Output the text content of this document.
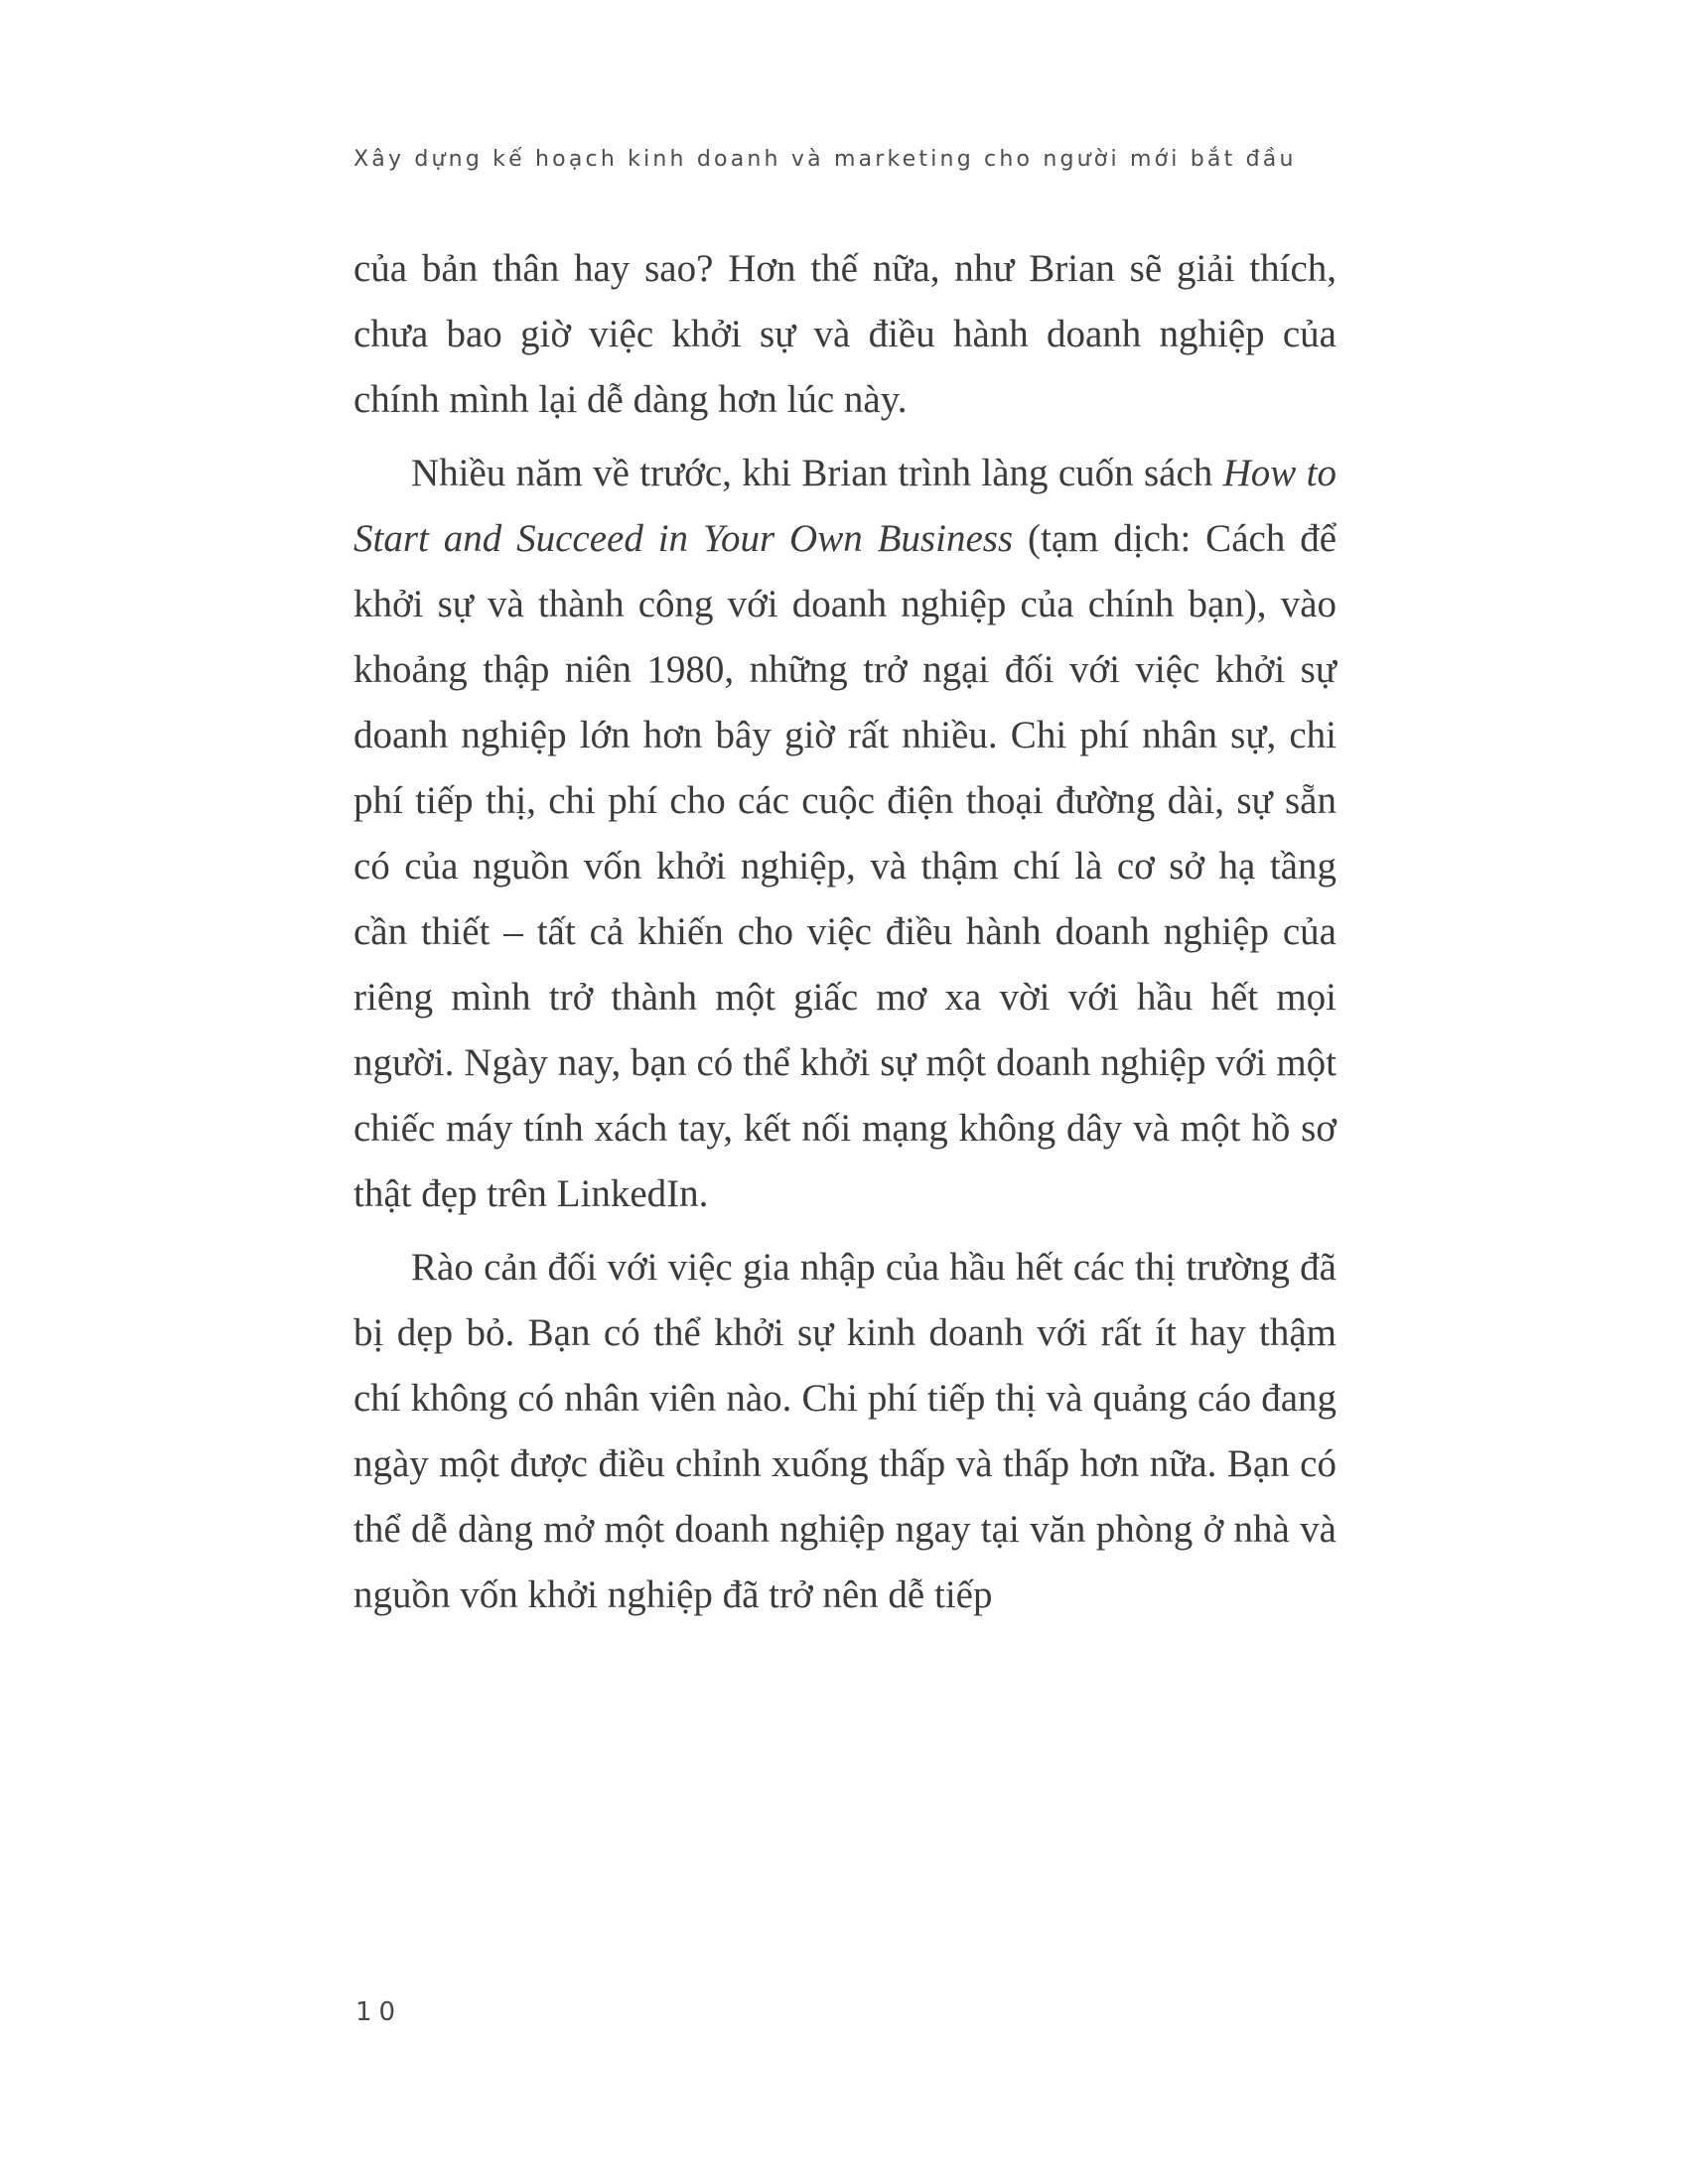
Xây dựng kế hoạch kinh doanh và marketing cho người mới bắt đầu

của bản thân hay sao? Hơn thế nữa, như Brian sẽ giải thích, chưa bao giờ việc khởi sự và điều hành doanh nghiệp của chính mình lại dễ dàng hơn lúc này.

Nhiều năm về trước, khi Brian trình làng cuốn sách How to Start and Succeed in Your Own Business (tạm dịch: Cách để khởi sự và thành công với doanh nghiệp của chính bạn), vào khoảng thập niên 1980, những trở ngại đối với việc khởi sự doanh nghiệp lớn hơn bây giờ rất nhiều. Chi phí nhân sự, chi phí tiếp thị, chi phí cho các cuộc điện thoại đường dài, sự sẵn có của nguồn vốn khởi nghiệp, và thậm chí là cơ sở hạ tầng cần thiết – tất cả khiến cho việc điều hành doanh nghiệp của riêng mình trở thành một giấc mơ xa vời với hầu hết mọi người. Ngày nay, bạn có thể khởi sự một doanh nghiệp với một chiếc máy tính xách tay, kết nối mạng không dây và một hồ sơ thật đẹp trên LinkedIn.

Rào cản đối với việc gia nhập của hầu hết các thị trường đã bị dẹp bỏ. Bạn có thể khởi sự kinh doanh với rất ít hay thậm chí không có nhân viên nào. Chi phí tiếp thị và quảng cáo đang ngày một được điều chỉnh xuống thấp và thấp hơn nữa. Bạn có thể dễ dàng mở một doanh nghiệp ngay tại văn phòng ở nhà và nguồn vốn khởi nghiệp đã trở nên dễ tiếp

10
